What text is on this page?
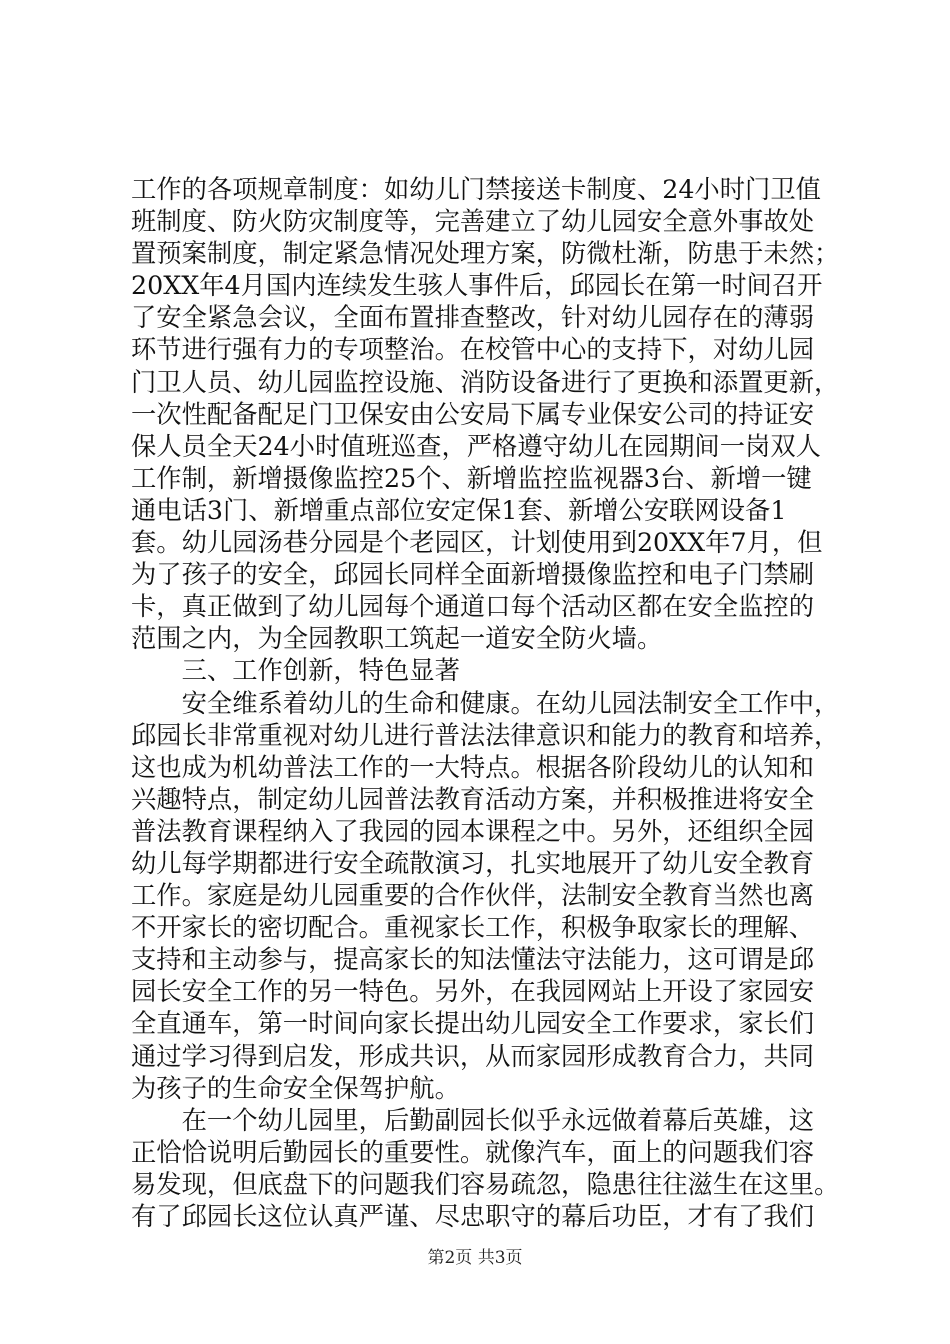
工作的各项规章制度：如幼儿门禁接送卡制度、24小时门卫值
班制度、防火防灾制度等，完善建立了幼儿园安全意外事故处
置预案制度，制定紧急情况处理方案，防微杜渐，防患于未然；
20XX年4月国内连续发生骇人事件后，邱园长在第一时间召开
了安全紧急会议，全面布置排查整改，针对幼儿园存在的薄弱
环节进行强有力的专项整治。在校管中心的支持下，对幼儿园
门卫人员、幼儿园监控设施、消防设备进行了更换和添置更新，
一次性配备配足门卫保安由公安局下属专业保安公司的持证安
保人员全天24小时值班巡查，严格遵守幼儿在园期间一岗双人
工作制，新增摄像监控25个、新增监控监视器3台、新增一键
通电话3门、新增重点部位安定保1套、新增公安联网设备1
套。幼儿园汤巷分园是个老园区，计划使用到20XX年7月，但
为了孩子的安全，邱园长同样全面新增摄像监控和电子门禁刷
卡，真正做到了幼儿园每个通道口每个活动区都在安全监控的
范围之内，为全园教职工筑起一道安全防火墙。
　　三、工作创新，特色显著
　　安全维系着幼儿的生命和健康。在幼儿园法制安全工作中，
邱园长非常重视对幼儿进行普法法律意识和能力的教育和培养，
这也成为机幼普法工作的一大特点。根据各阶段幼儿的认知和
兴趣特点，制定幼儿园普法教育活动方案，并积极推进将安全
普法教育课程纳入了我园的园本课程之中。另外，还组织全园
幼儿每学期都进行安全疏散演习，扎实地展开了幼儿安全教育
工作。家庭是幼儿园重要的合作伙伴，法制安全教育当然也离
不开家长的密切配合。重视家长工作，积极争取家长的理解、
支持和主动参与，提高家长的知法懂法守法能力，这可谓是邱
园长安全工作的另一特色。另外，在我园网站上开设了家园安
全直通车，第一时间向家长提出幼儿园安全工作要求，家长们
通过学习得到启发，形成共识，从而家园形成教育合力，共同
为孩子的生命安全保驾护航。
　　在一个幼儿园里，后勤副园长似乎永远做着幕后英雄，这
正恰恰说明后勤园长的重要性。就像汽车，面上的问题我们容
易发现，但底盘下的问题我们容易疏忽，隐患往往滋生在这里。
有了邱园长这位认真严谨、尽忠职守的幕后功臣，才有了我们
第2页 共3页
